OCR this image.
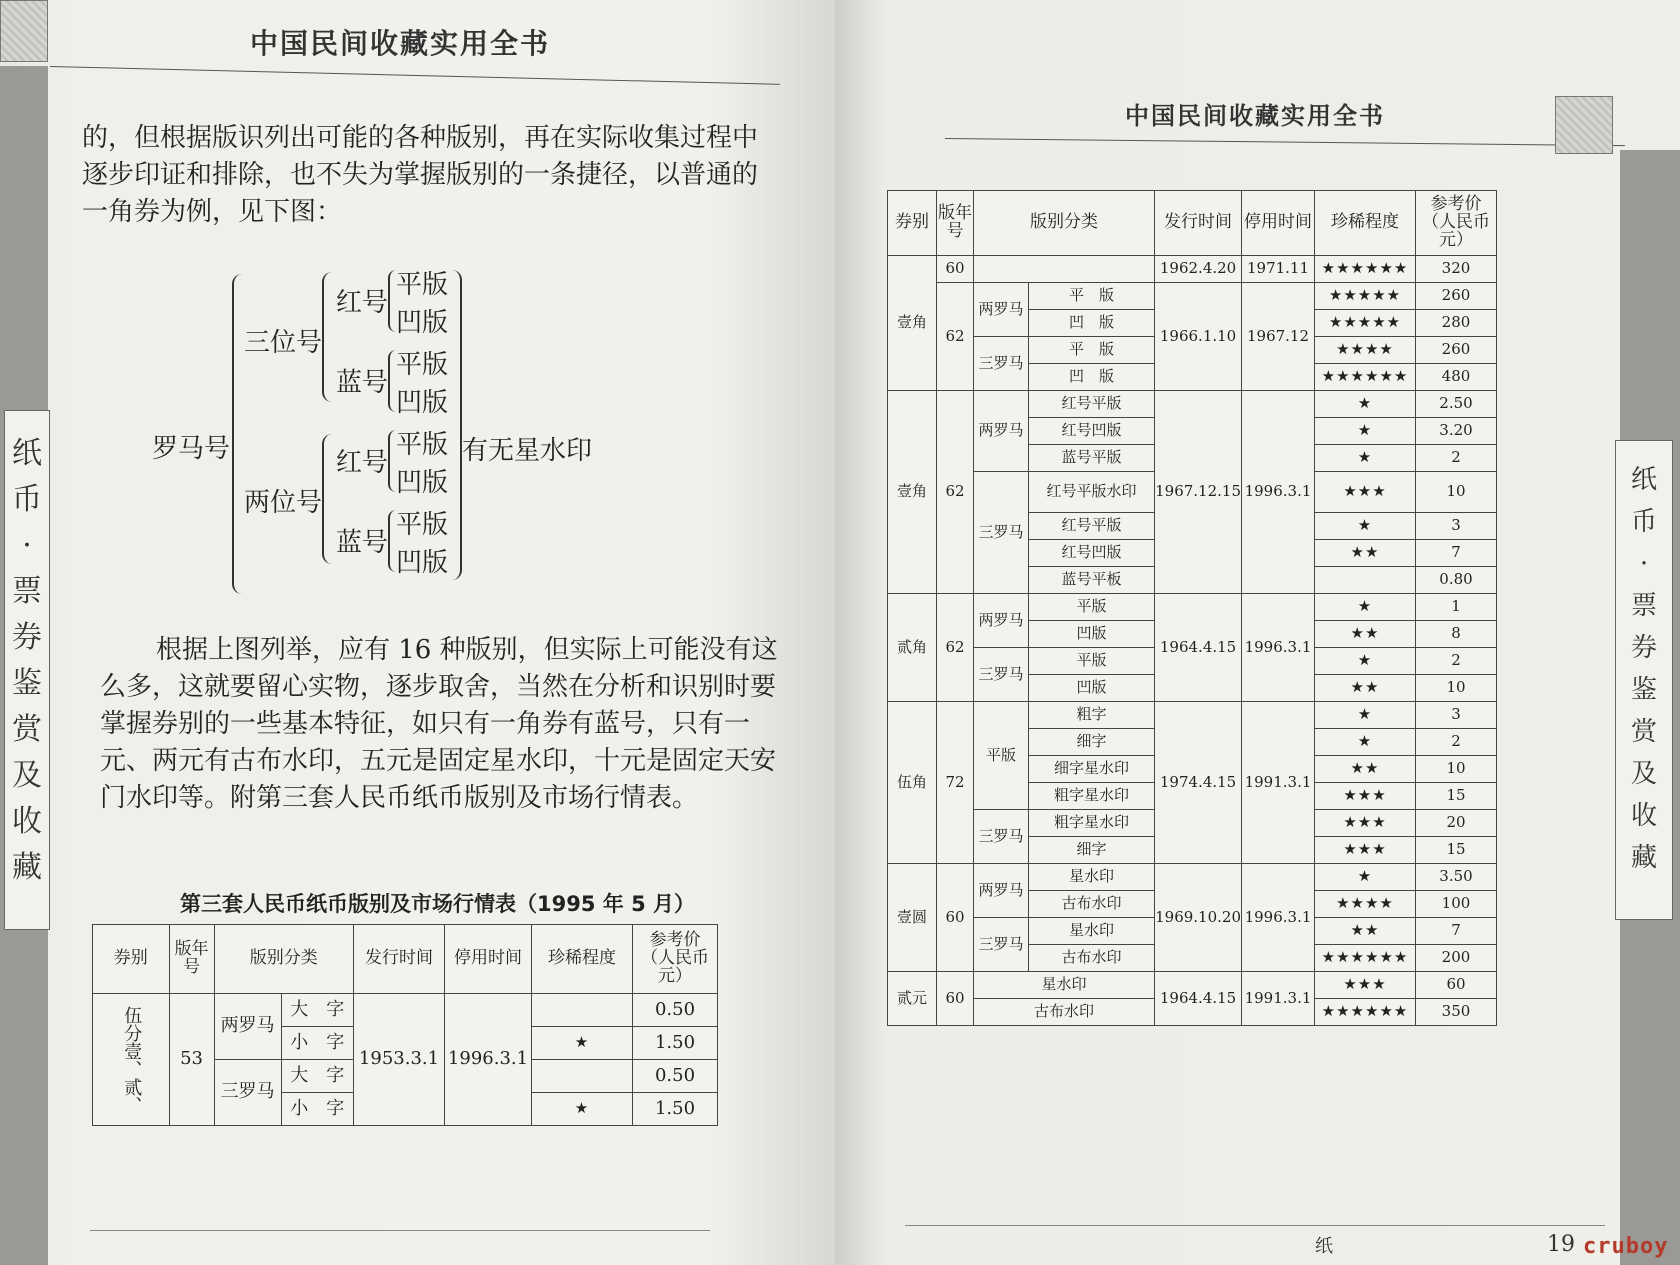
中国民间收藏实用全书
纸
币
·
票
券
鉴
赏
及
收
藏
的，但根据版识列出可能的各种版别，再在实际收集过程中逐步印证和排除，也不失为掌握版别的一条捷径，以普通的一角券为例，见下图：
罗马号
三位号
两位号
红号
蓝号
红号
蓝号
平版
凹版
平版
凹版
平版
凹版
平版
凹版
有无星水印
根据上图列举，应有 16 种版别，但实际上可能没有这么多，这就要留心实物，逐步取舍，当然在分析和识别时要掌握券别的一些基本特征，如只有一角券有蓝号，只有一元、两元有古布水印，五元是固定星水印，十元是固定天安门水印等。附第三套人民币纸币版别及市场行情表。
第三套人民币纸币版别及市场行情表（1995 年 5 月）
券别	版年号	版别分类		发行时间	停用时间	珍稀程度	参考价
（人民币元）
伍分壹、贰、	53	两罗马	大　字	1953.3.1	1996.3.1		0.50
			小　字			★	1.50
		三罗马	大　字				0.50
			小　字			★	1.50
中国民间收藏实用全书
纸
币
·
票
券
鉴
赏
及
收
藏
券别	版年号	版别分类		发行时间	停用时间	珍稀程度	参考价
（人民币元）
壹角	60			1962.4.20	1971.11	★★★★★★	320
	62	两罗马	平　版	1966.1.10	1967.12	★★★★★	260
			凹　版			★★★★★	280
		三罗马	平　版			★★★★	260
			凹　版			★★★★★★	480
壹角	62	两罗马	红号平版	1967.12.15	1996.3.1	★	2.50
			红号凹版			★	3.20
			蓝号平版			★	2
		三罗马	红号平版水印			★★★	10
			红号平版			★	3
			红号凹版			★★	7
			蓝号平板				0.80
贰角	62	两罗马	平版	1964.4.15	1996.3.1	★	1
			凹版			★★	8
		三罗马	平版			★	2
			凹版			★★	10
伍角	72	平版	粗字	1974.4.15	1991.3.1	★	3
			细字			★	2
			细字星水印			★★	10
			粗字星水印			★★★	15
		三罗马	粗字星水印			★★★	20
			细字			★★★	15
壹圆	60	两罗马	星水印	1969.10.20	1996.3.1	★	3.50
			古布水印			★★★★	100
		三罗马	星水印			★★	7
			古布水印			★★★★★★	200
贰元	60	星水印		1964.4.15	1991.3.1	★★★	60
		古布水印				★★★★★★	350
纸	19 cruboy
